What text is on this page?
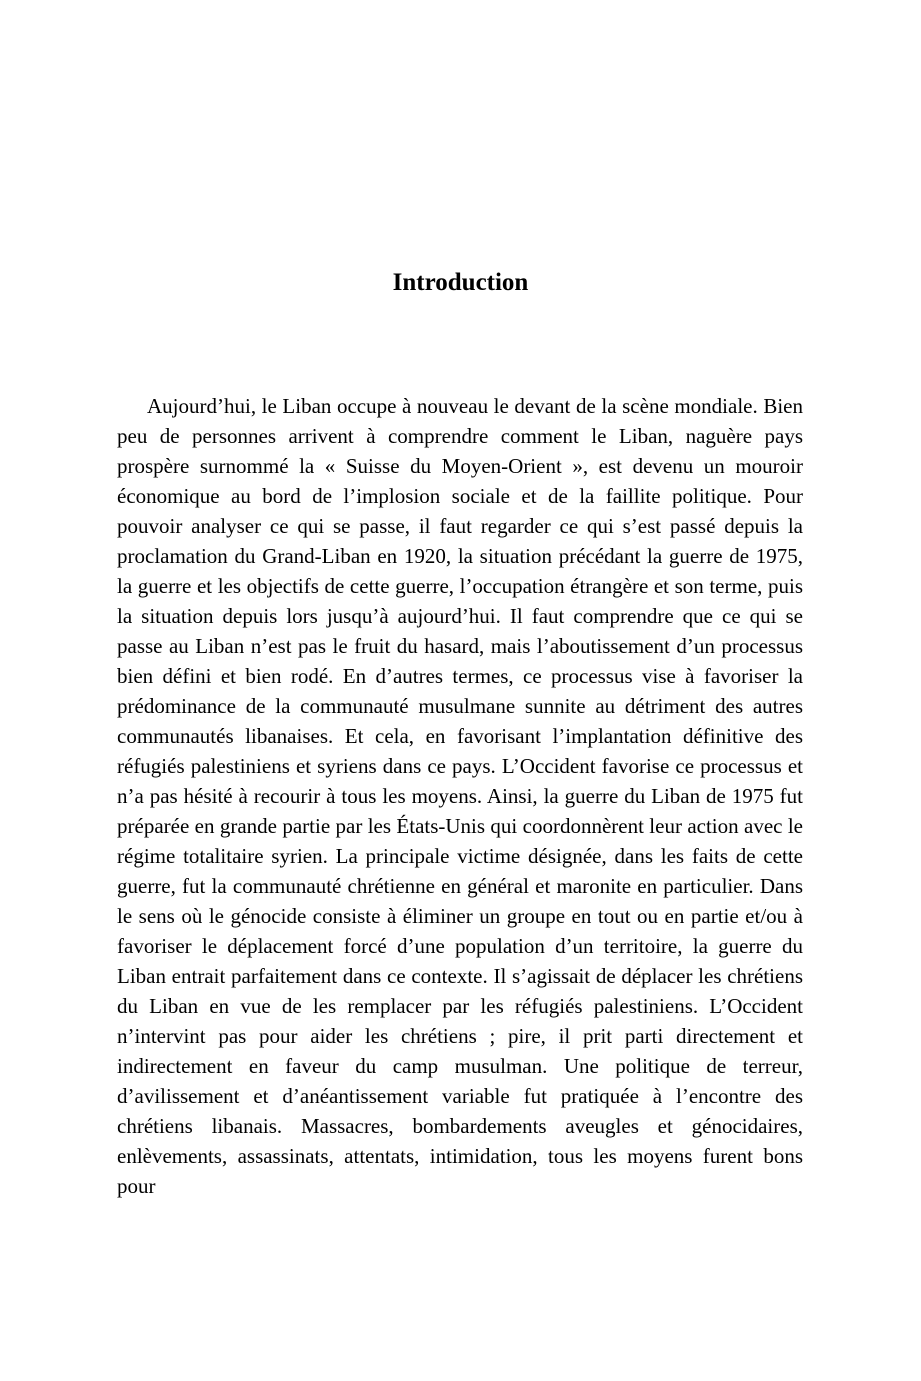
Introduction

Aujourd’hui, le Liban occupe à nouveau le devant de la scène mondiale. Bien peu de personnes arrivent à comprendre comment le Liban, naguère pays prospère surnommé la « Suisse du Moyen-Orient », est devenu un mouroir économique au bord de l’implosion sociale et de la faillite politique. Pour pouvoir analyser ce qui se passe, il faut regarder ce qui s’est passé depuis la proclamation du Grand-Liban en 1920, la situation précédant la guerre de 1975, la guerre et les objectifs de cette guerre, l’occupation étrangère et son terme, puis la situation depuis lors jusqu’à aujourd’hui. Il faut comprendre que ce qui se passe au Liban n’est pas le fruit du hasard, mais l’aboutissement d’un processus bien défini et bien rodé. En d’autres termes, ce processus vise à favoriser la prédominance de la communauté musulmane sunnite au détriment des autres communautés libanaises. Et cela, en favorisant l’implantation définitive des réfugiés palestiniens et syriens dans ce pays. L’Occident favorise ce processus et n’a pas hésité à recourir à tous les moyens. Ainsi, la guerre du Liban de 1975 fut préparée en grande partie par les États-Unis qui coordonnèrent leur action avec le régime totalitaire syrien. La principale victime désignée, dans les faits de cette guerre, fut la communauté chrétienne en général et maronite en particulier. Dans le sens où le génocide consiste à éliminer un groupe en tout ou en partie et/ou à favoriser le déplacement forcé d’une population d’un territoire, la guerre du Liban entrait parfaitement dans ce contexte. Il s’agissait de déplacer les chrétiens du Liban en vue de les remplacer par les réfugiés palestiniens. L’Occident n’intervint pas pour aider les chrétiens ; pire, il prit parti directement et indirectement en faveur du camp musulman. Une politique de terreur, d’avilissement et d’anéantissement variable fut pratiquée à l’encontre des chrétiens libanais. Massacres, bombardements aveugles et génocidaires, enlèvements, assassinats, attentats, intimidation, tous les moyens furent bons pour
